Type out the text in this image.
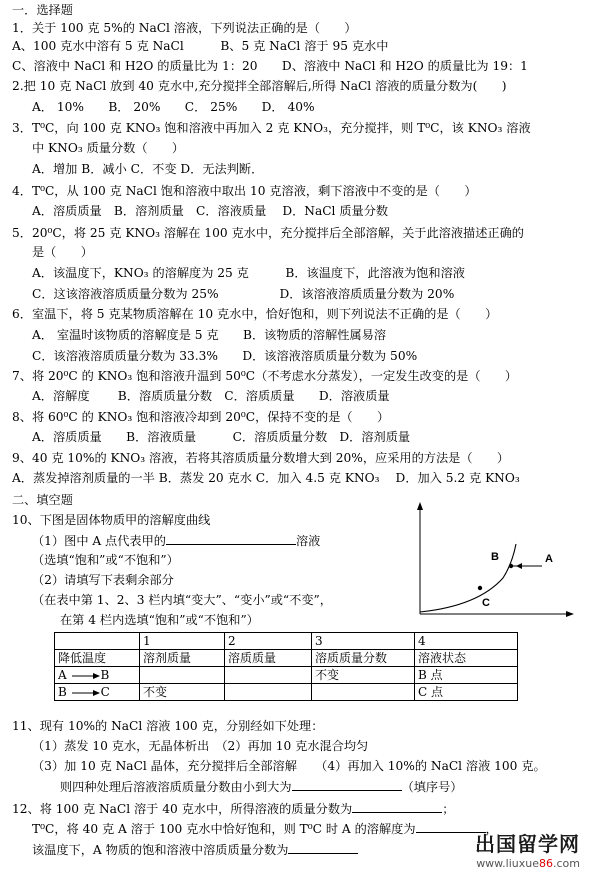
一．选择题
1．关于 100 克 5%的 NaCl 溶液，下列说法正确的是（　　）
A、100 克水中溶有 5 克 NaCl　　　B、5 克 NaCl 溶于 95 克水中
C、溶液中 NaCl 和 H2O 的质量比为 1：20　　D、溶液中 NaCl 和 H2O 的质量比为 19：1
2.把 10 克 NaCl 放到 40 克水中,充分搅拌全部溶解后,所得 NaCl 溶液的质量分数为(　　)
A． 10%　　B． 20%　　C． 25%　　D． 40%
3．T⁰C，向 100 克 KNO₃ 饱和溶液中再加入 2 克 KNO₃，充分搅拌，则 T⁰C，该 KNO₃ 溶液
中 KNO₃ 质量分数（　　）
A．增加 B．减小 C．不变 D．无法判断．
4．T⁰C，从 100 克 NaCl 饱和溶液中取出 10 克溶液，剩下溶液中不变的是（　　）
A．溶质质量　B．溶剂质量　C．溶液质量　 D．NaCl 质量分数
5．20⁰C，将 25 克 KNO₃ 溶解在 100 克水中，充分搅拌后全部溶解，关于此溶液描述正确的
是（　　）
A．该温度下，KNO₃ 的溶解度为 25 克　　　B．该温度下，此溶液为饱和溶液
C．这该溶液溶质质量分数为 25%　　　　　D．该溶液溶质质量分数为 20%
6．室温下，将 5 克某物质溶解在 10 克水中，恰好饱和，则下列说法不正确的是（　　）
A． 室温时该物质的溶解度是 5 克　　B．该物质的溶解性属易溶
C．该溶液溶质质量分数为 33.3%　　D．该溶液溶质质量分数为 50%
7、将 20⁰C 的 KNO₃ 饱和溶液升温到 50⁰C（不考虑水分蒸发），一定发生改变的是（　　）
A．溶解度　　 B．溶质质量分数　C．溶质质量　　D．溶液质量
8、将 60⁰C 的 KNO₃ 饱和溶液冷却到 20⁰C，保持不变的是（　　）
A．溶质质量　　B．溶液质量　　　C．溶质质量分数　D．溶剂质量
9、40 克 10%的 KNO₃ 溶液，若将其溶质质量分数增大到 20%，应采用的方法是（　　）
A．蒸发掉溶剂质量的一半 B．蒸发 20 克水 C．加入 4.5 克 KNO₃　 D．加入 5.2 克 KNO₃
二、填空题
10、下图是固体物质甲的溶解度曲线
（1）图中 A 点代表甲的	溶液
（选填“饱和”或“不饱和”）
（2）请填写下表剩余部分
（在表中第 1、2、3 栏内填“变大”、“变小”或“不变”，
在第 4 栏内选填“饱和”或“不饱和”）
B	A
C
	1	2	3	4
降低温度	溶剂质量	溶质质量	溶质质量分数	溶液状态
A B			不变	B 点
B C	不变			C 点
11、现有 10%的 NaCl 溶液 100 克，分别经如下处理：
（1）蒸发 10 克水，无晶体析出　（2）再加 10 克水混合均匀
（3）加 10 克 NaCl 晶体，充分搅拌后全部溶解　　（4）再加入 10%的 NaCl 溶液 100 克。
则四种处理后溶液溶质质量分数由小到大为	（填序号）
12、将 100 克 NaCl 溶于 40 克水中，所得溶液的质量分数为	；
T⁰C，将 40 克 A 溶于 100 克水中恰好饱和，则 T⁰C 时 A 的溶解度为	，
该温度下，A 物质的饱和溶液中溶质质量分数为	出国留学网
www.liuxue86.com
